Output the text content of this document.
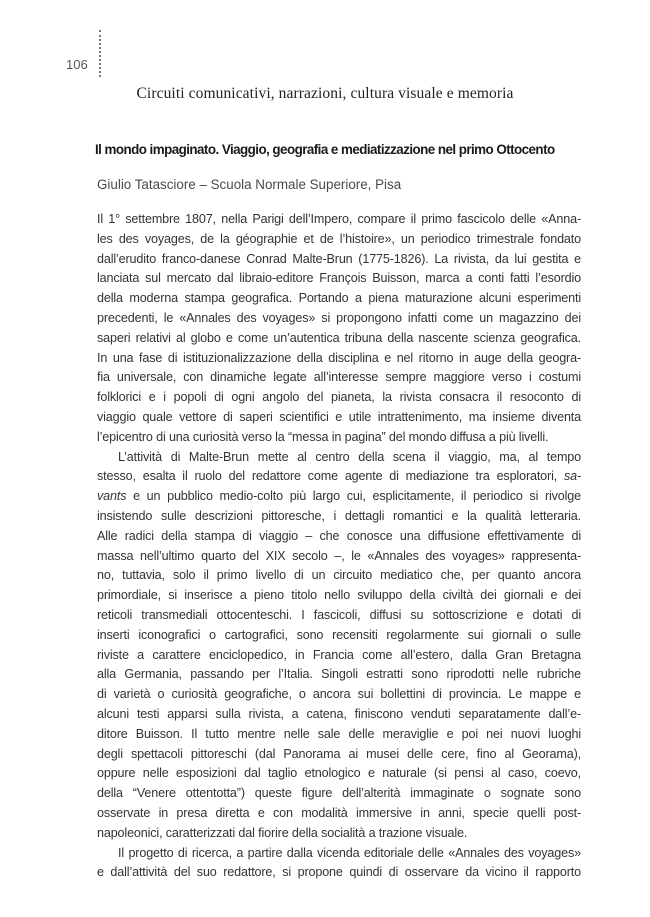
106
Circuiti comunicativi, narrazioni, cultura visuale e memoria
Il mondo impaginato. Viaggio, geografia e mediatizzazione nel primo Ottocento
Giulio Tatasciore – Scuola Normale Superiore, Pisa
Il 1° settembre 1807, nella Parigi dell’Impero, compare il primo fascicolo delle «Anna-
les des voyages, de la géographie et de l’histoire», un periodico trimestrale fondato
dall’erudito franco-danese Conrad Malte-Brun (1775-1826). La rivista, da lui gestita e
lanciata sul mercato dal libraio-editore François Buisson, marca a conti fatti l’esordio
della moderna stampa geografica. Portando a piena maturazione alcuni esperimenti
precedenti, le «Annales des voyages» si propongono infatti come un magazzino dei
saperi relativi al globo e come un’autentica tribuna della nascente scienza geografica.
In una fase di istituzionalizzazione della disciplina e nel ritorno in auge della geogra-
fia universale, con dinamiche legate all’interesse sempre maggiore verso i costumi
folklorici e i popoli di ogni angolo del pianeta, la rivista consacra il resoconto di
viaggio quale vettore di saperi scientifici e utile intrattenimento, ma insieme diventa
l’epicentro di una curiosità verso la “messa in pagina” del mondo diffusa a più livelli.
L’attività di Malte-Brun mette al centro della scena il viaggio, ma, al tempo
stesso, esalta il ruolo del redattore come agente di mediazione tra esploratori, sa-
vants e un pubblico medio-colto più largo cui, esplicitamente, il periodico si rivolge
insistendo sulle descrizioni pittoresche, i dettagli romantici e la qualità letteraria.
Alle radici della stampa di viaggio – che conosce una diffusione effettivamente di
massa nell’ultimo quarto del XIX secolo –, le «Annales des voyages» rappresenta-
no, tuttavia, solo il primo livello di un circuito mediatico che, per quanto ancora
primordiale, si inserisce a pieno titolo nello sviluppo della civiltà dei giornali e dei
reticoli transmediali ottocenteschi. I fascicoli, diffusi su sottoscrizione e dotati di
inserti iconografici o cartografici, sono recensiti regolarmente sui giornali o sulle
riviste a carattere enciclopedico, in Francia come all’estero, dalla Gran Bretagna
alla Germania, passando per l’Italia. Singoli estratti sono riprodotti nelle rubriche
di varietà o curiosità geografiche, o ancora sui bollettini di provincia. Le mappe e
alcuni testi apparsi sulla rivista, a catena, finiscono venduti separatamente dall’e-
ditore Buisson. Il tutto mentre nelle sale delle meraviglie e poi nei nuovi luoghi
degli spettacoli pittoreschi (dal Panorama ai musei delle cere, fino al Georama),
oppure nelle esposizioni dal taglio etnologico e naturale (si pensi al caso, coevo,
della “Venere ottentotta”) queste figure dell’alterità immaginate o sognate sono
osservate in presa diretta e con modalità immersive in anni, specie quelli post-
napoleonici, caratterizzati dal fiorire della socialità a trazione visuale.
Il progetto di ricerca, a partire dalla vicenda editoriale delle «Annales des voyages»
e dall’attività del suo redattore, si propone quindi di osservare da vicino il rapporto
